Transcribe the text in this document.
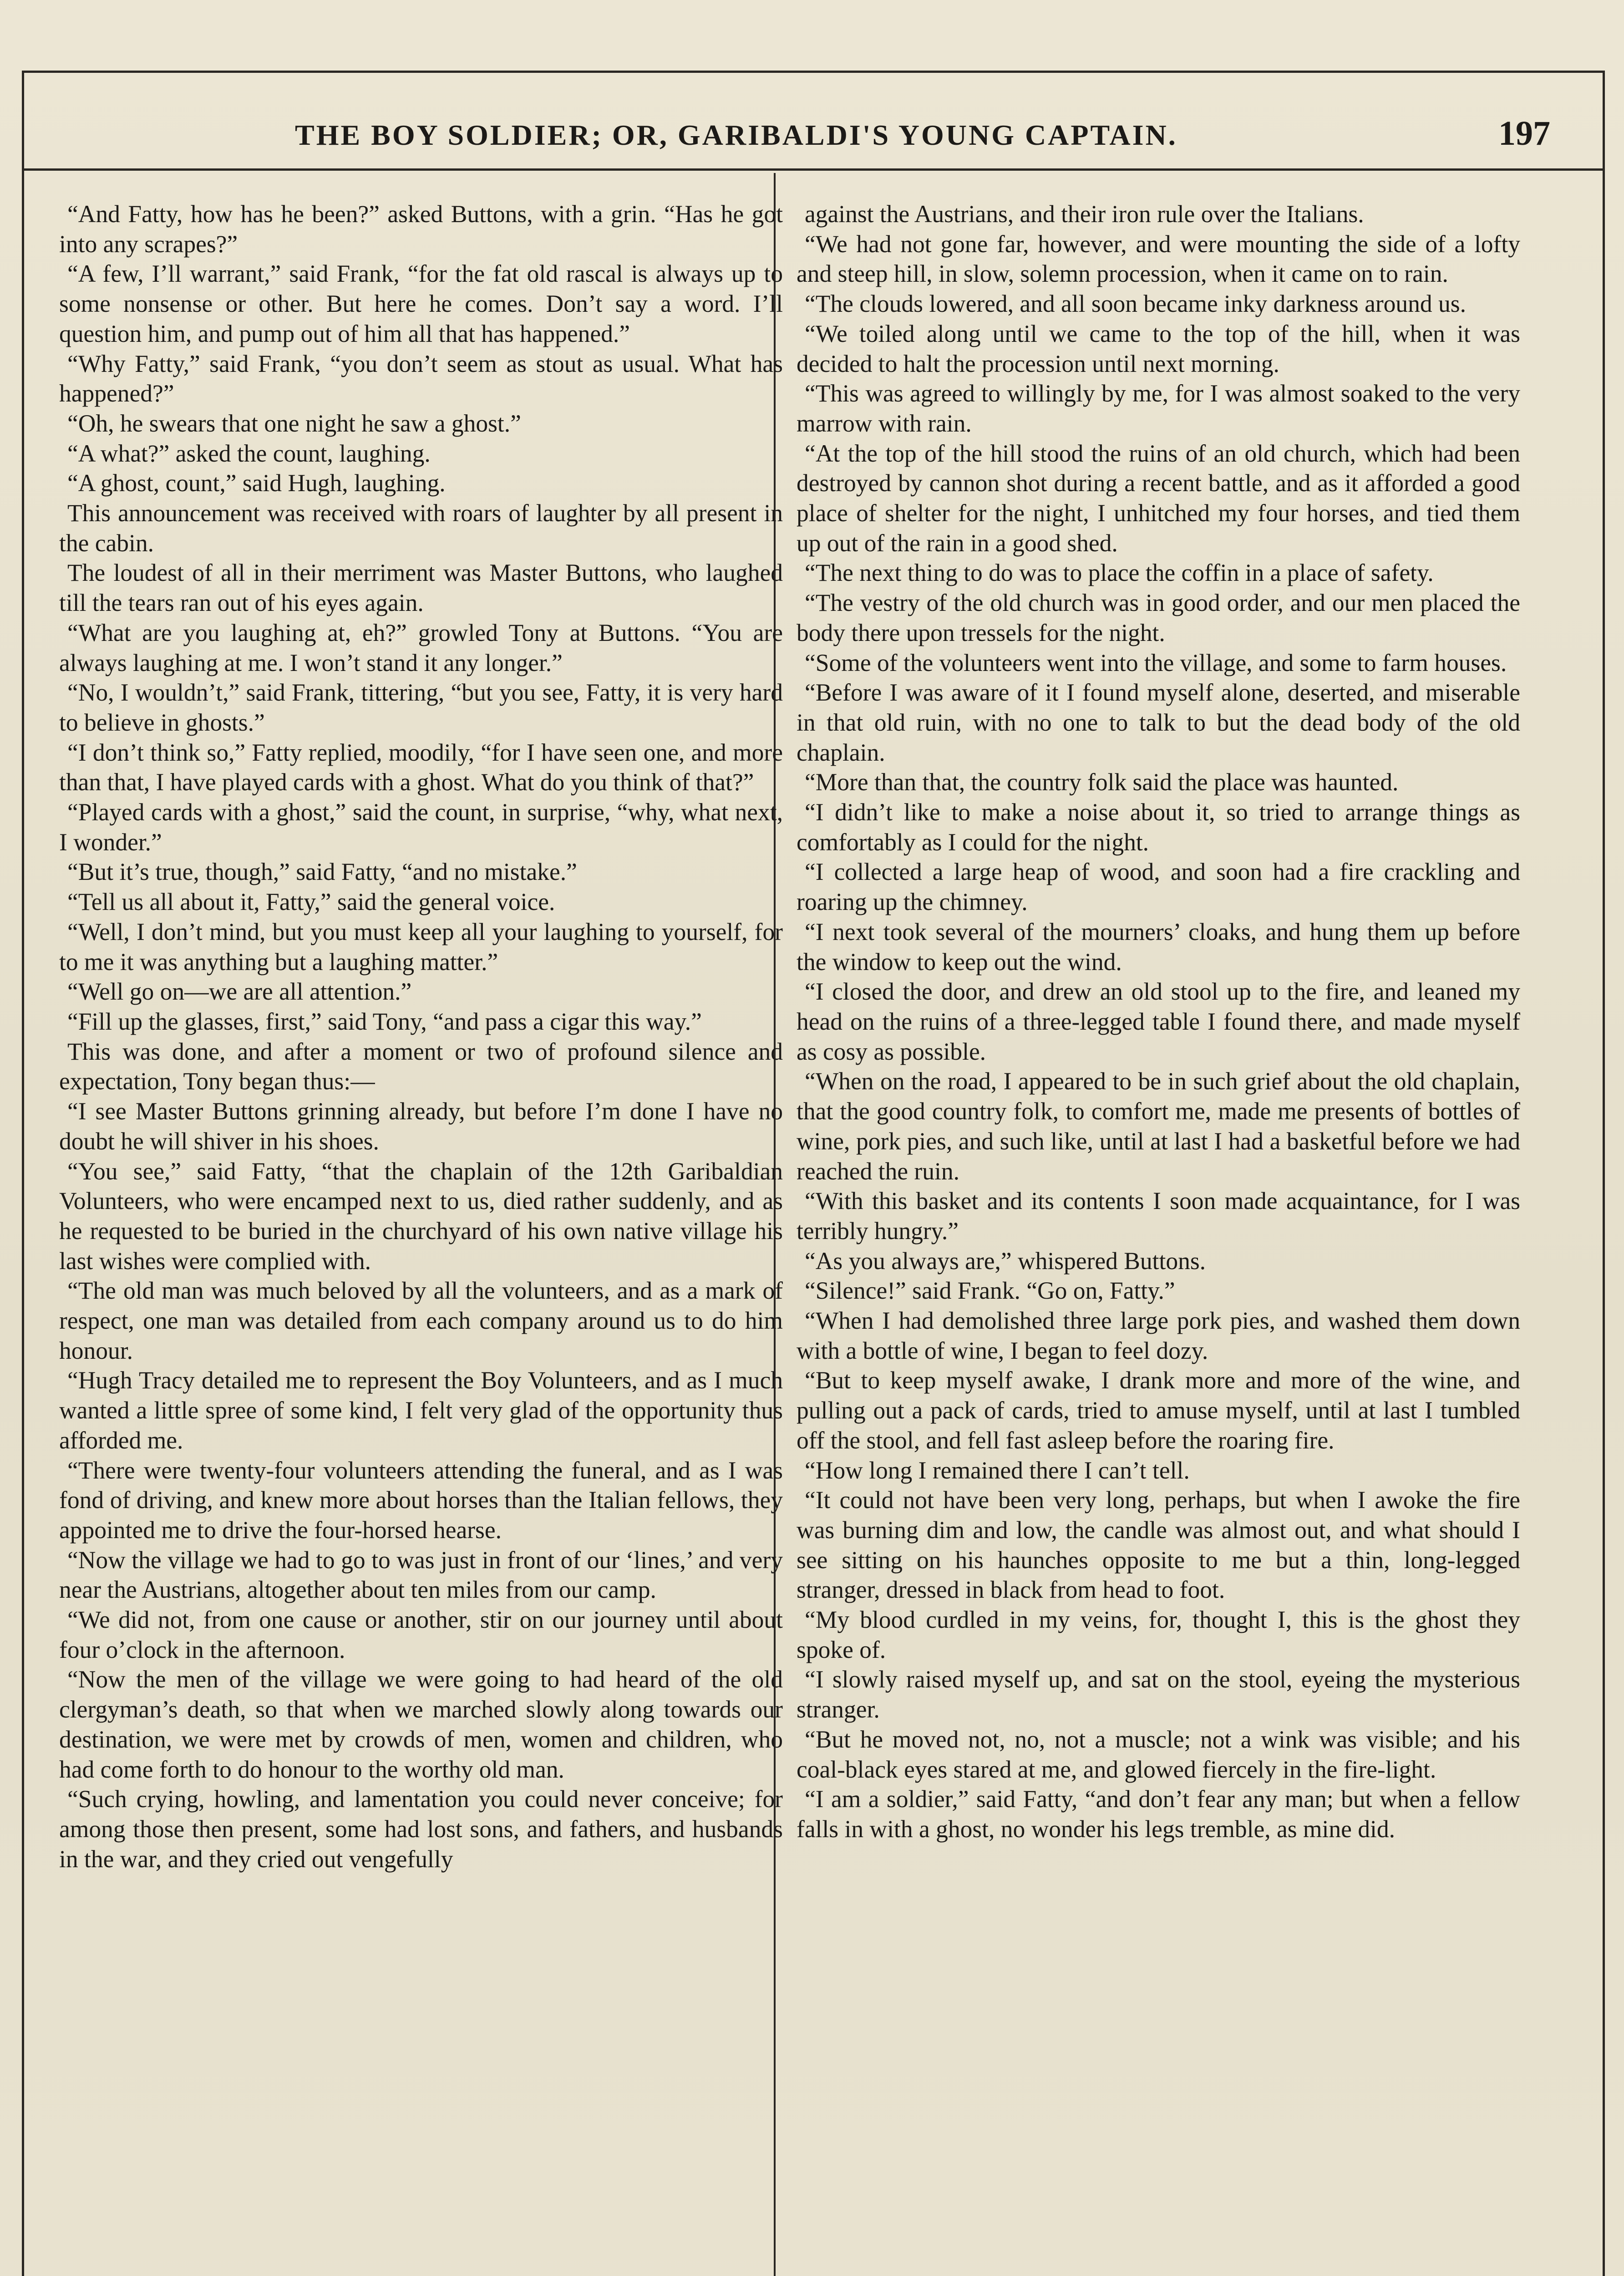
THE BOY SOLDIER; OR, GARIBALDI'S YOUNG CAPTAIN.	197

“And Fatty, how has he been?” asked Buttons, with a grin. “Has he got into any scrapes?”

“A few, I’ll warrant,” said Frank, “for the fat old rascal is always up to some nonsense or other. But here he comes. Don’t say a word. I’ll question him, and pump out of him all that has happened.”

“Why Fatty,” said Frank, “you don’t seem as stout as usual. What has happened?”

“Oh, he swears that one night he saw a ghost.”

“A what?” asked the count, laughing.

“A ghost, count,” said Hugh, laughing.

This announcement was received with roars of laughter by all present in the cabin.

The loudest of all in their merriment was Master Buttons, who laughed till the tears ran out of his eyes again.

“What are you laughing at, eh?” growled Tony at Buttons. “You are always laughing at me. I won’t stand it any longer.”

“No, I wouldn’t,” said Frank, tittering, “but you see, Fatty, it is very hard to believe in ghosts.”

“I don’t think so,” Fatty replied, moodily, “for I have seen one, and more than that, I have played cards with a ghost. What do you think of that?”

“Played cards with a ghost,” said the count, in surprise, “why, what next, I wonder.”

“But it’s true, though,” said Fatty, “and no mistake.”

“Tell us all about it, Fatty,” said the general voice.

“Well, I don’t mind, but you must keep all your laughing to yourself, for to me it was anything but a laughing matter.”

“Well go on—we are all attention.”

“Fill up the glasses, first,” said Tony, “and pass a cigar this way.”

This was done, and after a moment or two of profound silence and expectation, Tony began thus:—

“I see Master Buttons grinning already, but before I’m done I have no doubt he will shiver in his shoes.

“You see,” said Fatty, “that the chaplain of the 12th Garibaldian Volunteers, who were encamped next to us, died rather suddenly, and as he requested to be buried in the churchyard of his own native village his last wishes were complied with.

“The old man was much beloved by all the volunteers, and as a mark of respect, one man was detailed from each company around us to do him honour.

“Hugh Tracy detailed me to represent the Boy Volunteers, and as I much wanted a little spree of some kind, I felt very glad of the opportunity thus afforded me.

“There were twenty-four volunteers attending the funeral, and as I was fond of driving, and knew more about horses than the Italian fellows, they appointed me to drive the four-horsed hearse.

“Now the village we had to go to was just in front of our ‘lines,’ and very near the Austrians, altogether about ten miles from our camp.

“We did not, from one cause or another, stir on our journey until about four o’clock in the afternoon.

“Now the men of the village we were going to had heard of the old clergyman’s death, so that when we marched slowly along towards our destination, we were met by crowds of men, women and children, who had come forth to do honour to the worthy old man.

“Such crying, howling, and lamentation you could never conceive; for among those then present, some had lost sons, and fathers, and husbands in the war, and they cried out vengefully

against the Austrians, and their iron rule over the Italians.

“We had not gone far, however, and were mounting the side of a lofty and steep hill, in slow, solemn procession, when it came on to rain.

“The clouds lowered, and all soon became inky darkness around us.

“We toiled along until we came to the top of the hill, when it was decided to halt the procession until next morning.

“This was agreed to willingly by me, for I was almost soaked to the very marrow with rain.

“At the top of the hill stood the ruins of an old church, which had been destroyed by cannon shot during a recent battle, and as it afforded a good place of shelter for the night, I unhitched my four horses, and tied them up out of the rain in a good shed.

“The next thing to do was to place the coffin in a place of safety.

“The vestry of the old church was in good order, and our men placed the body there upon tressels for the night.

“Some of the volunteers went into the village, and some to farm houses.

“Before I was aware of it I found myself alone, deserted, and miserable in that old ruin, with no one to talk to but the dead body of the old chaplain.

“More than that, the country folk said the place was haunted.

“I didn’t like to make a noise about it, so tried to arrange things as comfortably as I could for the night.

“I collected a large heap of wood, and soon had a fire crackling and roaring up the chimney.

“I next took several of the mourners’ cloaks, and hung them up before the window to keep out the wind.

“I closed the door, and drew an old stool up to the fire, and leaned my head on the ruins of a three-legged table I found there, and made myself as cosy as possible.

“When on the road, I appeared to be in such grief about the old chaplain, that the good country folk, to comfort me, made me presents of bottles of wine, pork pies, and such like, until at last I had a basketful before we had reached the ruin.

“With this basket and its contents I soon made acquaintance, for I was terribly hungry.”

“As you always are,” whispered Buttons.

“Silence!” said Frank. “Go on, Fatty.”

“When I had demolished three large pork pies, and washed them down with a bottle of wine, I began to feel dozy.

“But to keep myself awake, I drank more and more of the wine, and pulling out a pack of cards, tried to amuse myself, until at last I tumbled off the stool, and fell fast asleep before the roaring fire.

“How long I remained there I can’t tell.

“It could not have been very long, perhaps, but when I awoke the fire was burning dim and low, the candle was almost out, and what should I see sitting on his haunches opposite to me but a thin, long-legged stranger, dressed in black from head to foot.

“My blood curdled in my veins, for, thought I, this is the ghost they spoke of.

“I slowly raised myself up, and sat on the stool, eyeing the mysterious stranger.

“But he moved not, no, not a muscle; not a wink was visible; and his coal-black eyes stared at me, and glowed fiercely in the fire-light.

“I am a soldier,” said Fatty, “and don’t fear any man; but when a fellow falls in with a ghost, no wonder his legs tremble, as mine did.
